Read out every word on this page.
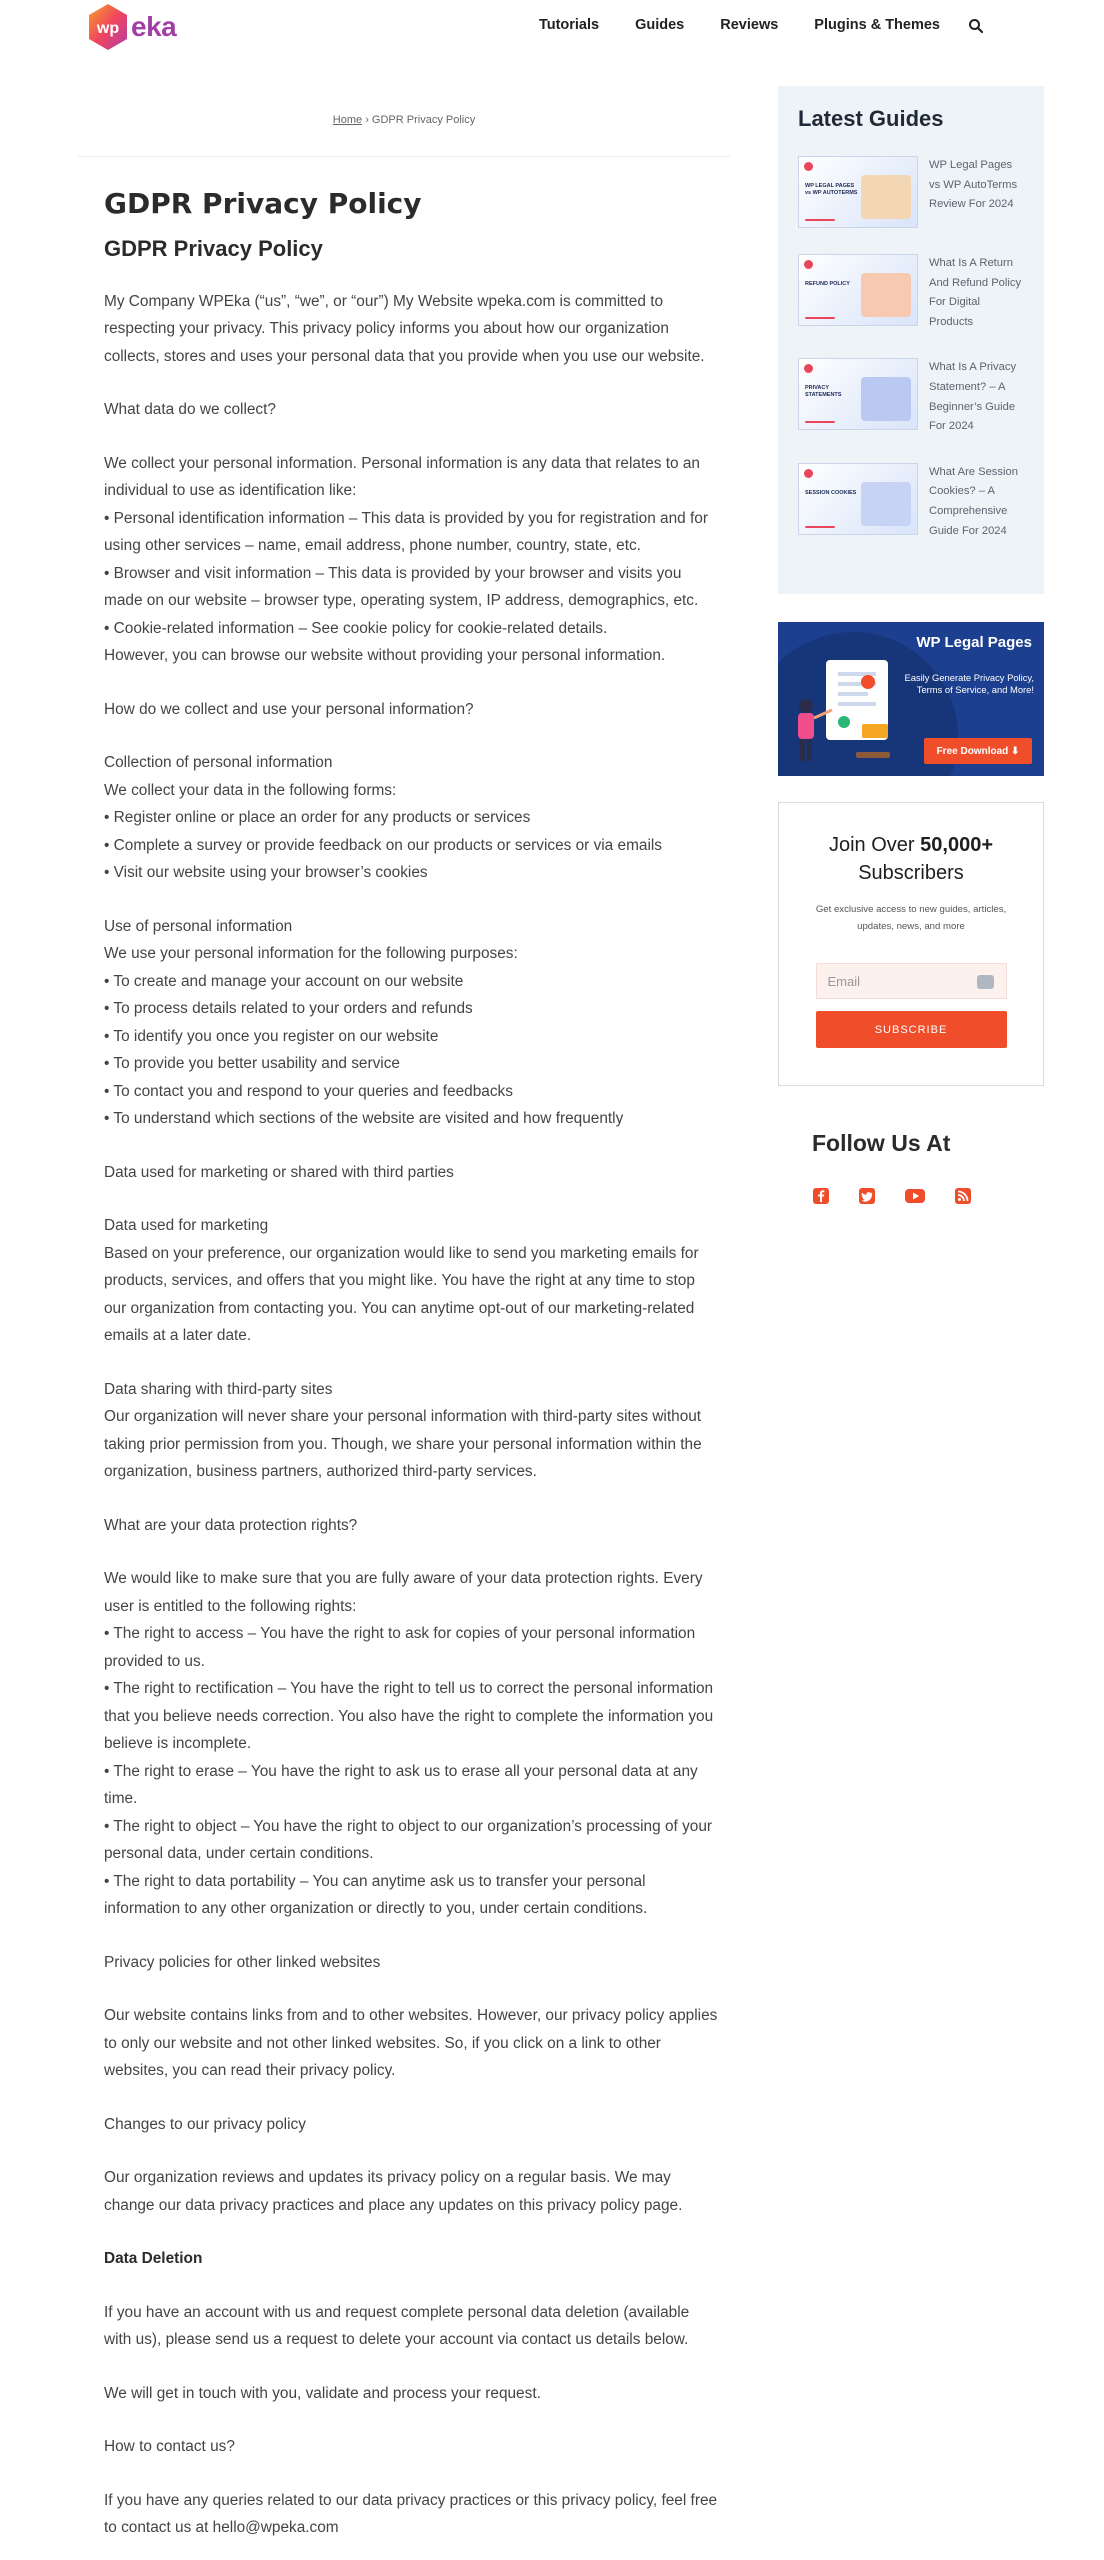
wp eka	Tutorials Guides Reviews Plugins & Themes
Home › GDPR Privacy Policy
GDPR Privacy Policy
GDPR Privacy Policy

My Company WPEka (“us”, “we”, or “our”) My Website wpeka.com is committed to respecting your privacy. This privacy policy informs you about how our organization collects, stores and uses your personal data that you provide when you use our website.

What data do we collect?

We collect your personal information. Personal information is any data that relates to an individual to use as identification like:

• Personal identification information – This data is provided by you for registration and for using other services – name, email address, phone number, country, state, etc.

• Browser and visit information – This data is provided by your browser and visits you made on our website – browser type, operating system, IP address, demographics, etc.

• Cookie-related information – See cookie policy for cookie-related details.

However, you can browse our website without providing your personal information.

How do we collect and use your personal information?

Collection of personal information

We collect your data in the following forms:

• Register online or place an order for any products or services

• Complete a survey or provide feedback on our products or services or via emails

• Visit our website using your browser’s cookies

Use of personal information

We use your personal information for the following purposes:

• To create and manage your account on our website

• To process details related to your orders and refunds

• To identify you once you register on our website

• To provide you better usability and service

• To contact you and respond to your queries and feedbacks

• To understand which sections of the website are visited and how frequently

Data used for marketing or shared with third parties

Data used for marketing

Based on your preference, our organization would like to send you marketing emails for products, services, and offers that you might like. You have the right at any time to stop our organization from contacting you. You can anytime opt-out of our marketing-related emails at a later date.

Data sharing with third-party sites

Our organization will never share your personal information with third-party sites without taking prior permission from you. Though, we share your personal information within the organization, business partners, authorized third-party services.

What are your data protection rights?

We would like to make sure that you are fully aware of your data protection rights. Every user is entitled to the following rights:

• The right to access – You have the right to ask for copies of your personal information provided to us.

• The right to rectification – You have the right to tell us to correct the personal information that you believe needs correction. You also have the right to complete the information you believe is incomplete.

• The right to erase – You have the right to ask us to erase all your personal data at any time.

• The right to object – You have the right to object to our organization’s processing of your personal data, under certain conditions.

• The right to data portability – You can anytime ask us to transfer your personal information to any other organization or directly to you, under certain conditions.

Privacy policies for other linked websites

Our website contains links from and to other websites. However, our privacy policy applies to only our website and not other linked websites. So, if you click on a link to other websites, you can read their privacy policy.

Changes to our privacy policy

Our organization reviews and updates its privacy policy on a regular basis. We may change our data privacy practices and place any updates on this privacy policy page.

Data Deletion

If you have an account with us and request complete personal data deletion (available with us), please send us a request to delete your account via contact us details below.

We will get in touch with you, validate and process your request.

How to contact us?

If you have any queries related to our data privacy practices or this privacy policy, feel free to contact us at hello@wpeka.com

Latest Guides
WP LEGAL PAGES vs WP AUTOTERMS
WP Legal Pages vs WP AutoTerms Review For 2024
REFUND POLICY
What Is A Return And Refund Policy For Digital Products
PRIVACY STATEMENTS
What Is A Privacy Statement? – A Beginner’s Guide For 2024
SESSION COOKIES
What Are Session Cookies? – A Comprehensive Guide For 2024
WP Legal Pages
Easily Generate Privacy Policy, Terms of Service, and More!
Free Download ⬇
Join Over 50,000+
Subscribers
Get exclusive access to new guides, articles, updates, news, and more
Email
SUBSCRIBE
Follow Us At
